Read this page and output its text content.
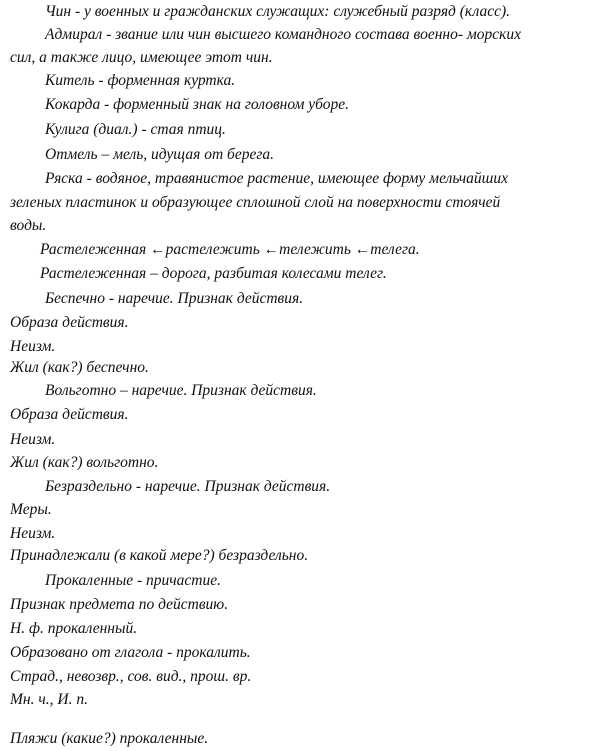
Чин - у военных и гражданских служащих: служебный разряд (класс).
Адмирал - звание или чин высшего командного состава военно- морских
сил, а также лицо, имеющее этот чин.
Китель - форменная куртка.
Кокарда - форменный знак на головном уборе.
Кулига (диал.) - стая птиц.
Отмель – мель, идущая от берега.
Ряска - водяное, травянистое растение, имеющее форму мельчайших
зеленых пластинок и образующее сплошной слой на поверхности стоячей
воды.
Растележенная ←растележить ←тележить ←телега.
Растележенная – дорога, разбитая колесами телег.
Беспечно - наречие. Признак действия.
Образа действия.
Неизм.
Жил (как?) беспечно.
Вольготно – наречие. Признак действия.
Образа действия.
Неизм.
Жил (как?) вольготно.
Безраздельно - наречие. Признак действия.
Меры.
Неизм.
Принадлежали (в какой мере?) безраздельно.
Прокаленные - причастие.
Признак предмета по действию.
Н. ф. прокаленный.
Образовано от глагола - прокалить.
Страд., невозвр., сов. вид., прош. вр.
Мн. ч., И. п.
Пляжи (какие?) прокаленные.
